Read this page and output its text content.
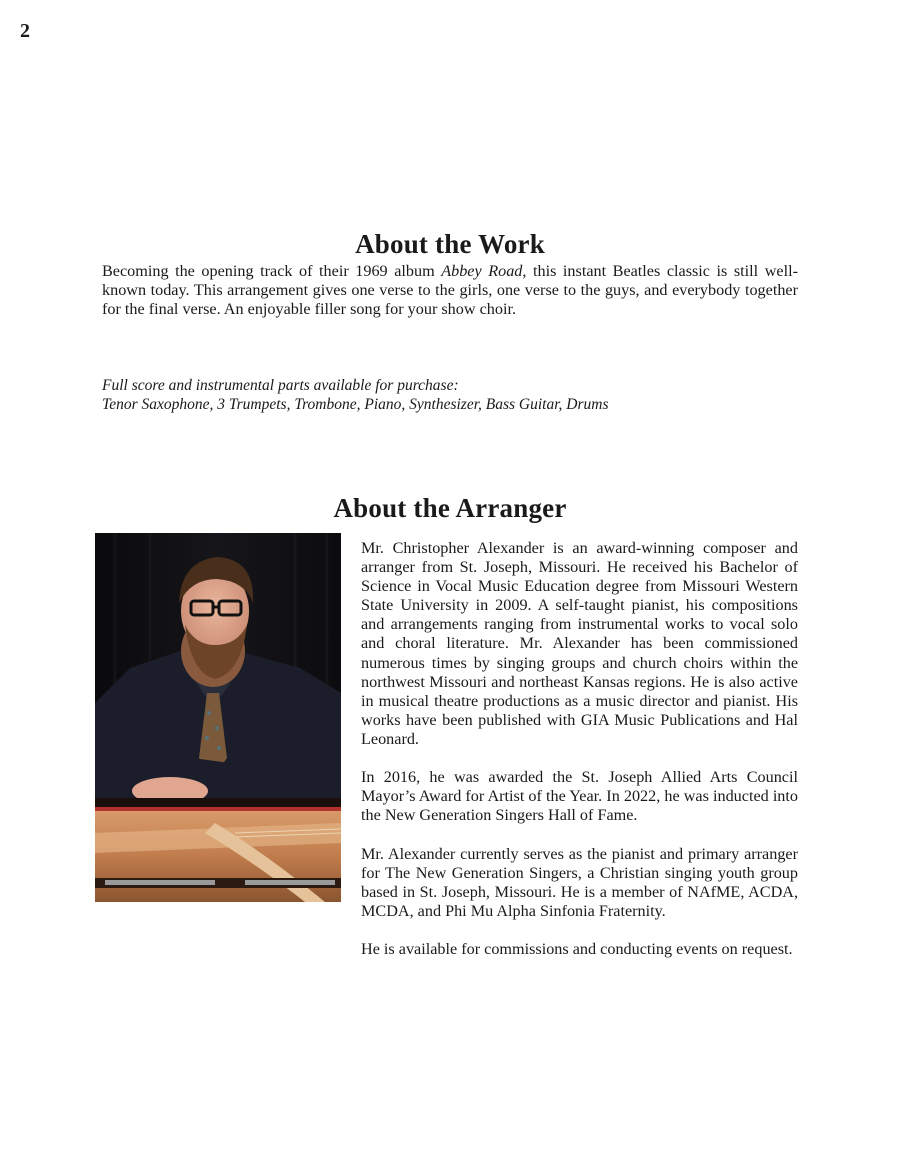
2
About the Work
Becoming the opening track of their 1969 album Abbey Road, this instant Beatles classic is still well-known today. This arrangement gives one verse to the girls, one verse to the guys, and everybody together for the final verse. An enjoyable filler song for your show choir.
Full score and instrumental parts available for purchase:
Tenor Saxophone, 3 Trumpets, Trombone, Piano, Synthesizer, Bass Guitar, Drums
About the Arranger

Mr. Christopher Alexander is an award-winning composer and arranger from St. Joseph, Missouri. He received his Bachelor of Science in Vocal Music Education degree from Missouri Western State University in 2009. A self-taught pianist, his compositions and arrangements ranging from instrumental works to vocal solo and choral literature. Mr. Alexander has been commissioned numerous times by singing groups and church choirs within the northwest Missouri and northeast Kansas regions. He is also active in musical theatre productions as a music director and pianist. His works have been published with GIA Music Publications and Hal Leonard.

In 2016, he was awarded the St. Joseph Allied Arts Council Mayor’s Award for Artist of the Year. In 2022, he was inducted into the New Generation Singers Hall of Fame.

Mr. Alexander currently serves as the pianist and primary arranger for The New Generation Singers, a Christian singing youth group based in St. Joseph, Missouri. He is a member of NAfME, ACDA, MCDA, and Phi Mu Alpha Sinfonia Fraternity.

He is available for commissions and conducting events on request.
